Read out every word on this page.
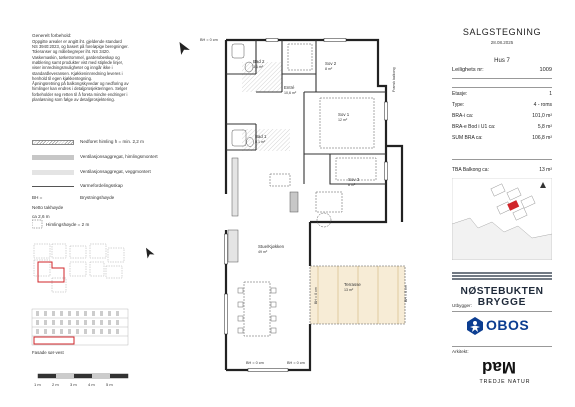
Generelt forbehold:
Oppgitte arealer er angitt iht. gjeldende standard
NS 3940:2023, og basert på foreløpige beregninger.
Toleranser og målebegreper iht. NS 3420.
Vaskemaskin, tørketrommel, garderobeskap og
møblering samt produkter vist med stiplede linjer,
viser innredningsmuligheter og inngår ikke i
standardleveransen. Kjøkkeninnredning leveres i
henhold til egen kjøkkentegning.
Åpningsretning på balkongskyvedør og nedforing av
himlinger kan endres i detaljprosjekteringen. Selger
forbeholder seg retten til å foreta mindre endringer i
planløsning som følge av detaljprosjektering.
Nedforet himling h = min. 2,2 m
Ventilasjonsaggregat, himlingsmontert
Ventilasjonsaggregat, veggmontert
Varmefordelingsskap
BH =	Brystningshøyde
Netto takhøyde
ca 2,6 m
Himlingshøyde = 2 m
Fasade sør-vest
1 m	2 m	3 m	4 m	5 m
Bad 2
3,6 m²
Sov 2
8 m²
Entré
10,6 m²
Sov 1
12 m²
Bad 1
5,1 m²
Sov 3
8 m²
Stue/Kjøkken
49 m²
Terrasse
13 m²
BH = 0 cm
Fransk balkong
BH = 0 cm	BH = 0 cm
BH = 0 cm	BH = 0 cm
SALGSTEGNING
28.08.2025
Hus 7
Leilighets nr:	1009
Etasje:	1
Type:	4 - roms
BRA-i ca:	101,0 m²
BRA-e Bod i U1 ca:	5,8 m²
SUM BRA ca:	106,8 m²
TBA Balkong ca:	13 m²
NØSTEBUKTEN
BRYGGE
Utbygger:
OBOS
Arkitekt:
Mad
TREDJE NATUR
